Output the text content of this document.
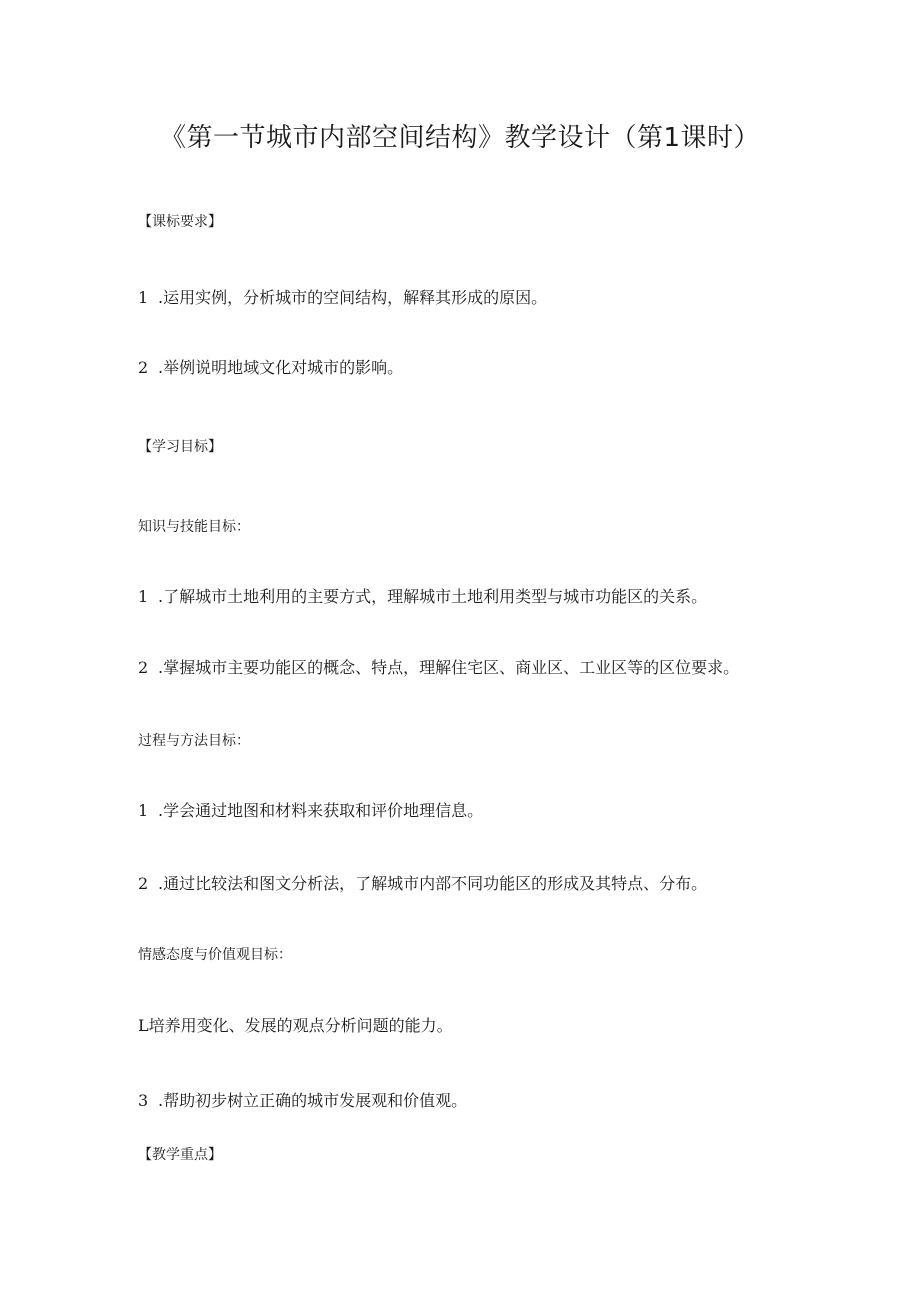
《第一节城市内部空间结构》教学设计（第1课时）

【课标要求】

1 .运用实例，分析城市的空间结构，解释其形成的原因。

2 .举例说明地域文化对城市的影响。

【学习目标】

知识与技能目标：

1 .了解城市土地利用的主要方式，理解城市土地利用类型与城市功能区的关系。

2 .掌握城市主要功能区的概念、特点，理解住宅区、商业区、工业区等的区位要求。

过程与方法目标：

1 .学会通过地图和材料来获取和评价地理信息。

2 .通过比较法和图文分析法，了解城市内部不同功能区的形成及其特点、分布。

情感态度与价值观目标：

L培养用变化、发展的观点分析问题的能力。

3 .帮助初步树立正确的城市发展观和价值观。

【教学重点】
